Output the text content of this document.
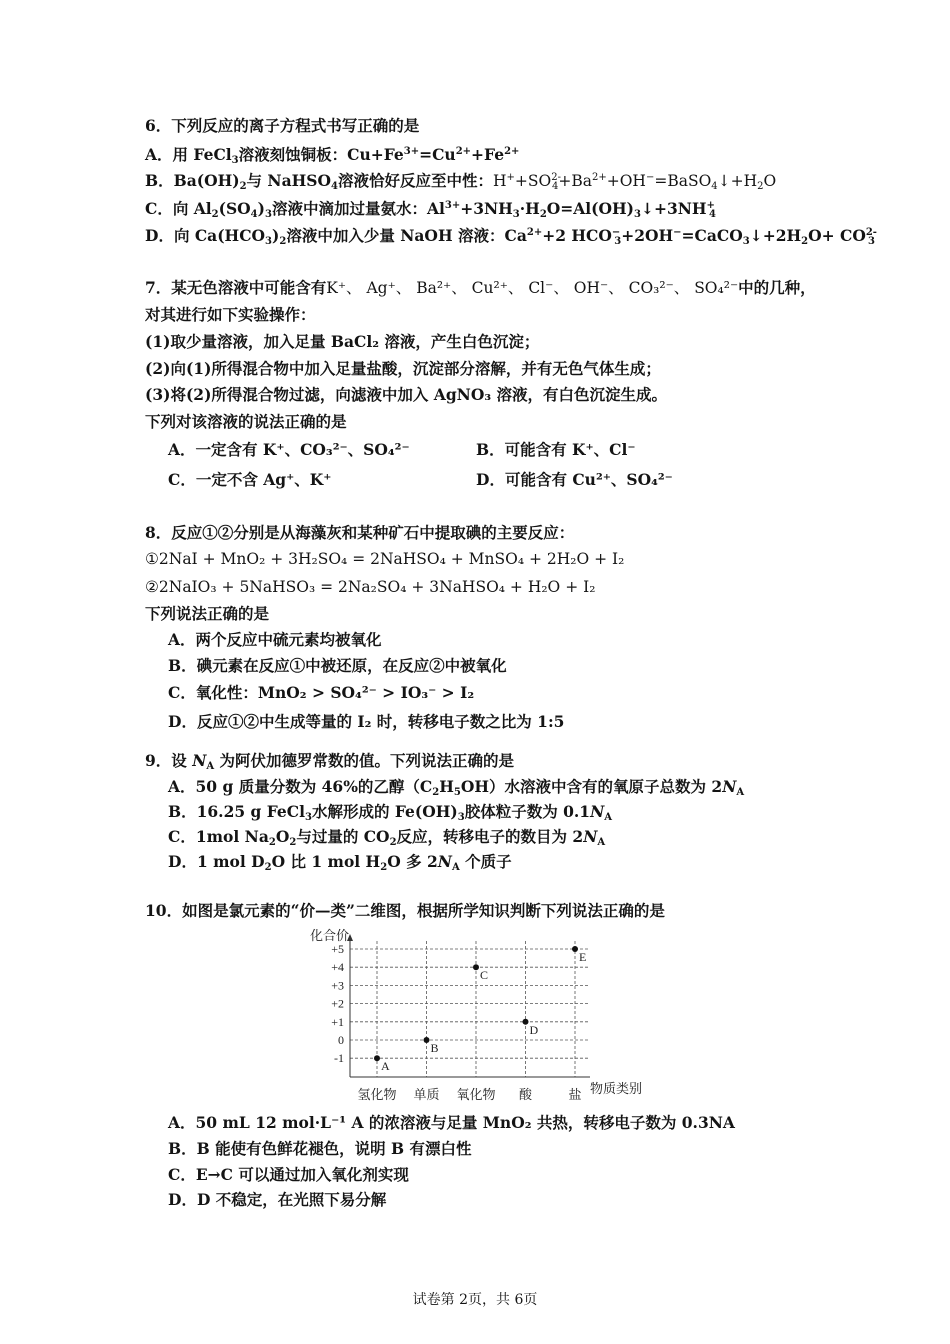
6．下列反应的离子方程式书写正确的是
A．用 FeCl$_3$溶液刻蚀铜板：$Cu+Fe^{3+}=Cu^{2+}+Fe^{2+}$
B．$Ba(OH)_2$与 NaHSO$_4$溶液恰好反应至中性：$H^++SO^{2-}_4+Ba^{2+}+OH^-=BaSO_4↓+H_2O$
C．向 $Al_2(SO_4)_3$溶液中滴加过量氨水：$Al^{3+}+3NH_3\cdot H_2O=Al(OH)_3↓+3NH^+_4$
D．向 $Ca(HCO_3)_2$溶液中加入少量 NaOH 溶液：$Ca^{2+}+2$ $HCO^-_3+2OH^-=CaCO_3↓+2H_2O+ CO^{2-}_3$
7．某无色溶液中可能含有K⁺、 Ag⁺、 Ba²⁺、 Cu²⁺、 Cl⁻、 OH⁻、 CO₃²⁻、 SO₄²⁻中的几种，
对其进行如下实验操作：
(1)取少量溶液，加入足量 BaCl₂ 溶液，产生白色沉淀；
(2)向(1)所得混合物中加入足量盐酸，沉淀部分溶解，并有无色气体生成；
(3)将(2)所得混合物过滤，向滤液中加入 AgNO₃ 溶液，有白色沉淀生成。
下列对该溶液的说法正确的是
A．一定含有 K⁺、CO₃²⁻、SO₄²⁻	B．可能含有 K⁺、Cl⁻
C．一定不含 Ag⁺、K⁺	D．可能含有 Cu²⁺、SO₄²⁻
8．反应①②分别是从海藻灰和某种矿石中提取碘的主要反应：
①2NaI + MnO₂ + 3H₂SO₄ = 2NaHSO₄ + MnSO₄ + 2H₂O + I₂
②2NaIO₃ + 5NaHSO₃ = 2Na₂SO₄ + 3NaHSO₄ + H₂O + I₂
下列说法正确的是
A．两个反应中硫元素均被氧化
B．碘元素在反应①中被还原，在反应②中被氧化
C．氧化性：MnO₂ > SO₄²⁻ > IO₃⁻ > I₂
D．反应①②中生成等量的 I₂ 时，转移电子数之比为 1:5
9．设 $N_A$ 为阿伏加德罗常数的值。下列说法正确的是
A．50 g 质量分数为 46%的乙醇$(C_2H_5OH)$水溶液中含有的氧原子总数为 $2N_A$
B．16.25 g FeCl$_3$水解形成的 $Fe(OH)_3$胶体粒子数为 $0.1N_A$
C．1mol $Na_2O_2$与过量的 $CO_2$反应，转移电子的数目为 $2N_A$
D．1 mol $D_2O$ 比 1 mol $H_2O$ 多 $2N_A$ 个质子
10．如图是氯元素的“价—类”二维图，根据所学知识判断下列说法正确的是
+5
+4
+3
+2
+1
0
-1
氢化物 单质 氧化物 酸	盐
A
B
C
D
E
化合价
物质类别
A．50 mL 12 mol·L⁻¹ A 的浓溶液与足量 MnO₂ 共热，转移电子数为 0.3NA
B．B 能使有色鲜花褪色，说明 B 有漂白性
C．E→C 可以通过加入氧化剂实现
D．D 不稳定，在光照下易分解
试卷第 2页，共 6页
